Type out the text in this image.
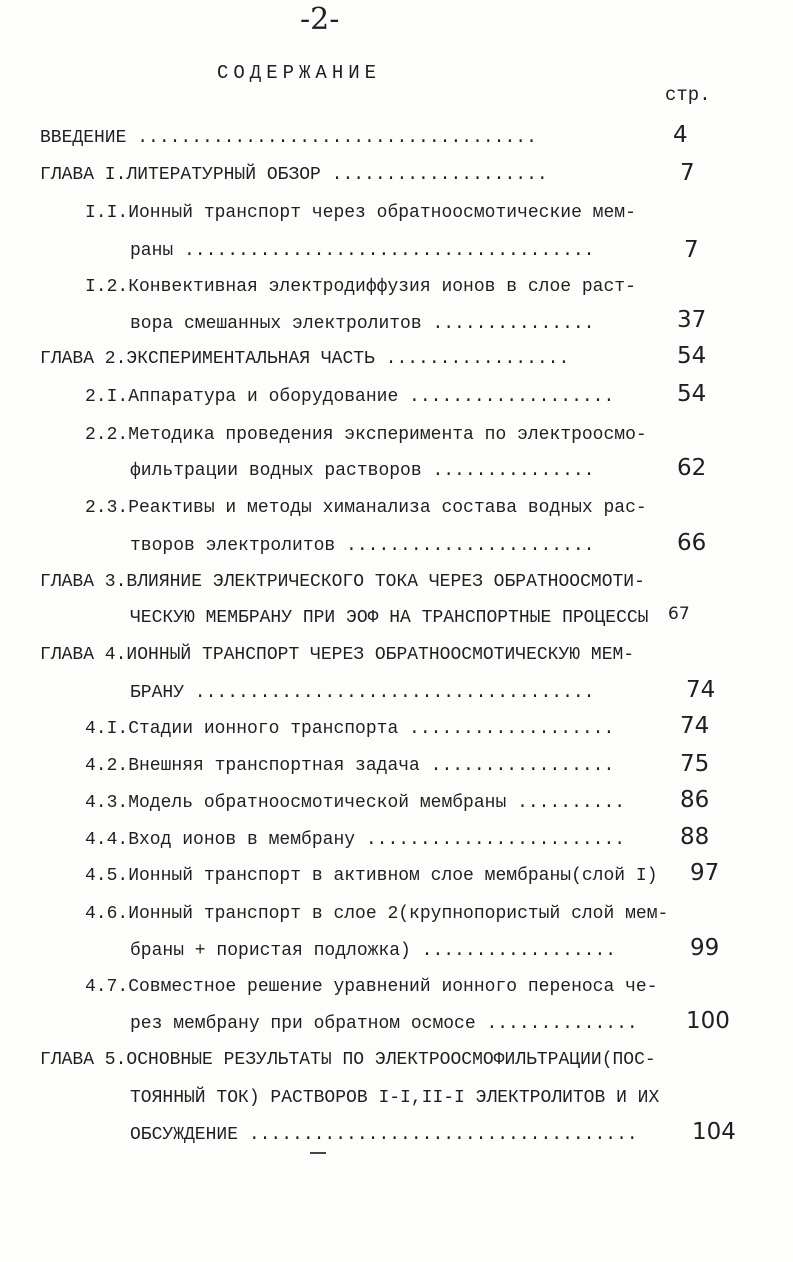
-2-
СОДЕРЖАНИЕ
стр.
ВВЕДЕНИЕ .....................................	4
ГЛАВА I.ЛИТЕРАТУРНЫЙ ОБЗОР ....................	7
I.I.Ионный транспорт через обратноосмотические мем-
раны ......................................	7
I.2.Конвективная электродиффузия ионов в слое раст-
вора смешанных электролитов ...............	37
ГЛАВА 2.ЭКСПЕРИМЕНТАЛЬНАЯ ЧАСТЬ .................	54
2.I.Аппаратура и оборудование ...................	54
2.2.Методика проведения эксперимента по электроосмо-
фильтрации водных растворов ...............	62
2.3.Реактивы и методы химанализа состава водных рас-
творов электролитов .......................	66
ГЛАВА 3.ВЛИЯНИЕ ЭЛЕКТРИЧЕСКОГО ТОКА ЧЕРЕЗ ОБРАТНООСМОТИ-
ЧЕСКУЮ МЕМБРАНУ ПРИ ЭОФ НА ТРАНСПОРТНЫЕ ПРОЦЕССЫ 67
ГЛАВА 4.ИОННЫЙ ТРАНСПОРТ ЧЕРЕЗ ОБРАТНООСМОТИЧЕСКУЮ МЕМ-
БРАНУ .....................................	74
4.I.Стадии ионного транспорта ...................	74
4.2.Внешняя транспортная задача .................	75
4.3.Модель обратноосмотической мембраны .......... 86
4.4.Вход ионов в мембрану ........................ 88
4.5.Ионный транспорт в активном слое мембраны(слой I) 97
4.6.Ионный транспорт в слое 2(крупнопористый слой мем-
браны + пористая подложка) ..................	99
4.7.Совместное решение уравнений ионного переноса че-
рез мембрану при обратном осмосе .............. 100
ГЛАВА 5.ОСНОВНЫЕ РЕЗУЛЬТАТЫ ПО ЭЛЕКТРООСМОФИЛЬТРАЦИИ(ПОС-
ТОЯННЫЙ ТОК) РАСТВОРОВ I-I,II-I ЭЛЕКТРОЛИТОВ И ИХ
ОБСУЖДЕНИЕ .................................... 104
